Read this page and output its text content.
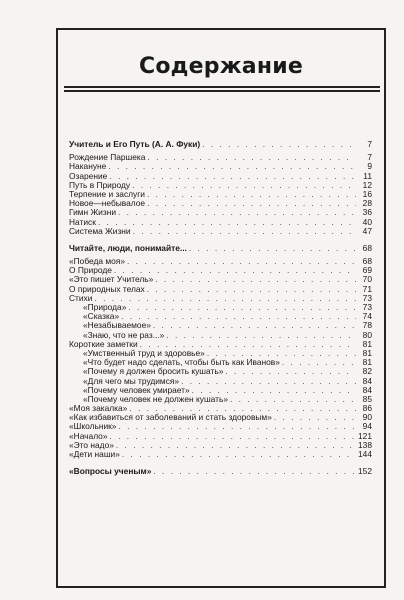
Содержание
Учитель и Его Путь (А. А. Фуки) . . .	7
Рождение Паршека . . .	7
Накануне . . .	9
Озарение . . .	11
Путь в Природу . . .	12
Терпение и заслуги . . .	16
Новое—небывалое . . .	28
Гимн Жизни . . .	36
Натиск . . .	40
Система Жизни . . .	47
Читайте, люди, понимайте... . . .	68
«Победа моя» . . .	68
О Природе . . .	69
«Это пишет Учитель» . . .	70
О природных телах . . .	71
Стихи . . .	73
«Природа» . . .	73
«Сказка» . . .	74
«Незабываемое» . . .	78
«Знаю, что не раз...» . . .	80
Короткие заметки . . .	81
«Умственный труд и здоровье» . . .	81
«Что будет надо сделать, чтобы быть как Иванов» . . .	81
«Почему я должен бросить кушать» . . .	82
«Для чего мы трудимся» . . .	84
«Почему человек умирает» . . .	84
«Почему человек не должен кушать» . . .	85
«Моя закалка» . . .	86
«Как избавиться от заболеваний и стать здоровым» . . .	90
«Школьник» . . .	94
«Начало» . . .	121
«Это надо» . . .	138
«Дети наши» . . .	144
«Вопросы ученым» . . .	152
